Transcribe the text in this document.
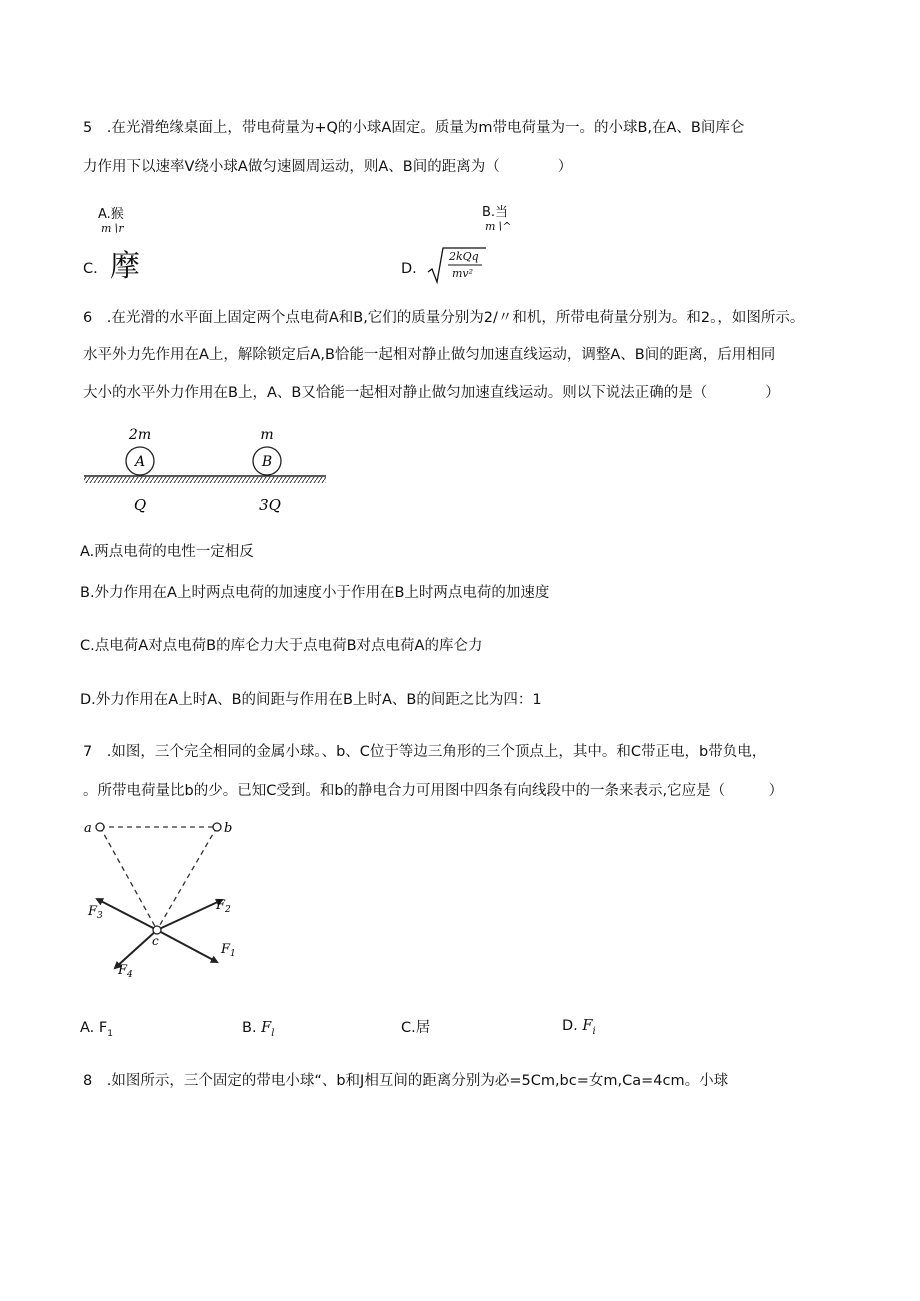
5　.在光滑绝缘桌面上，带电荷量为+Q的小球A固定。质量为m带电荷量为一。的小球B,在A、B间库仑
力作用下以速率V绕小球A做匀速圆周运动，则A、B间的距离为（　　　　）
A.猴
m∖r
B.当
m∖^
C. 摩	D.
2kQq
mv²
6　.在光滑的水平面上固定两个点电荷A和B,它们的质量分别为2/〃和机，所带电荷量分别为。和2。，如图所示。
水平外力先作用在A上，解除锁定后A,B恰能一起相对静止做匀加速直线运动，调整A、B间的距离，后用相同
大小的水平外力作用在B上，A、B又恰能一起相对静止做匀加速直线运动。则以下说法正确的是（　　　　）
A	B
2m	m
Q	3Q
A.两点电荷的电性一定相反
B.外力作用在A上时两点电荷的加速度小于作用在B上时两点电荷的加速度
C.点电荷A对点电荷B的库仑力大于点电荷B对点电荷A的库仑力
D.外力作用在A上时A、B的间距与作用在B上时A、B的间距之比为四：1
7　.如图，三个完全相同的金属小球。、b、C位于等边三角形的三个顶点上，其中。和C带正电，b带负电，
。所带电荷量比b的少。已知C受到。和b的静电合力可用图中四条有向线段中的一条来表示,它应是（　　　）
a	b
c
$F_2$
$F_1$
$F_3$
$F_4$
A. $F_1$	B. $F_l$	C.居	D. $F_i$
8　.如图所示，三个固定的带电小球“、b和J相互间的距离分别为必=5Cm,bc=女m,Ca=4cm。小球
